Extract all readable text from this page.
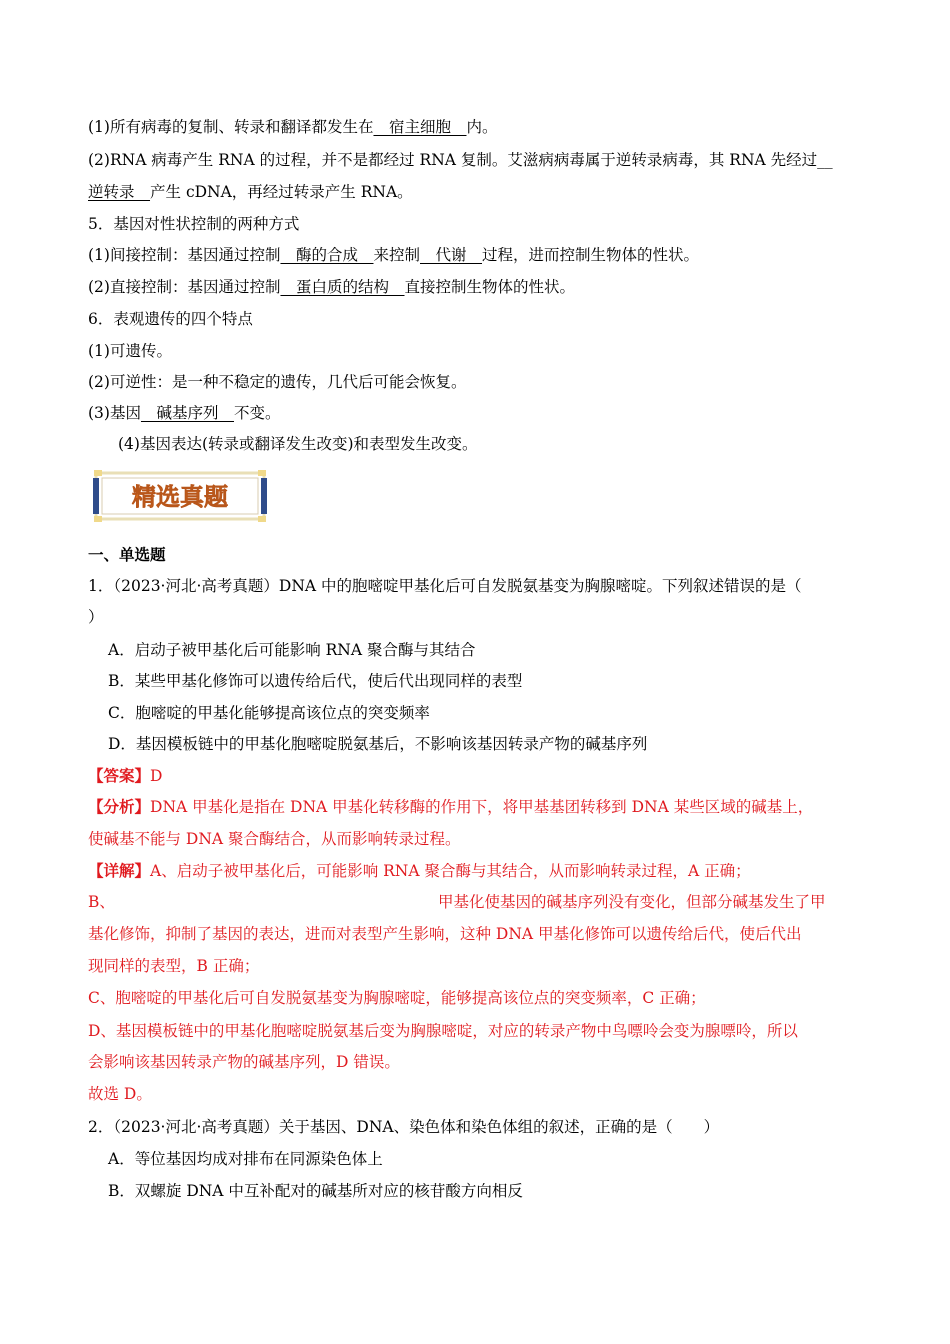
(1)所有病毒的复制、转录和翻译都发生在__宿主细胞__内。
(2)RNA 病毒产生 RNA 的过程，并不是都经过 RNA 复制。艾滋病病毒属于逆转录病毒，其 RNA 先经过__
逆转录__产生 cDNA，再经过转录产生 RNA。
5．基因对性状控制的两种方式
(1)间接控制：基因通过控制__酶的合成__来控制__代谢__过程，进而控制生物体的性状。
(2)直接控制：基因通过控制__蛋白质的结构__直接控制生物体的性状。
6．表观遗传的四个特点
(1)可遗传。
(2)可逆性：是一种不稳定的遗传，几代后可能会恢复。
(3)基因__碱基序列__不变。
(4)基因表达(转录或翻译发生改变)和表型发生改变。
精选真题
一、单选题
1．（2023·河北·高考真题）DNA 中的胞嘧啶甲基化后可自发脱氨基变为胸腺嘧啶。下列叙述错误的是（
）
A．启动子被甲基化后可能影响 RNA 聚合酶与其结合
B．某些甲基化修饰可以遗传给后代，使后代出现同样的表型
C．胞嘧啶的甲基化能够提高该位点的突变频率
D．基因模板链中的甲基化胞嘧啶脱氨基后，不影响该基因转录产物的碱基序列
【答案】D
【分析】DNA 甲基化是指在 DNA 甲基化转移酶的作用下，将甲基基团转移到 DNA 某些区域的碱基上，
使碱基不能与 DNA 聚合酶结合，从而影响转录过程。
【详解】A、启动子被甲基化后，可能影响 RNA 聚合酶与其结合，从而影响转录过程，A 正确；
B、	甲基化使基因的碱基序列没有变化，但部分碱基发生了甲
基化修饰，抑制了基因的表达，进而对表型产生影响，这种 DNA 甲基化修饰可以遗传给后代，使后代出
现同样的表型，B 正确；
C、胞嘧啶的甲基化后可自发脱氨基变为胸腺嘧啶，能够提高该位点的突变频率，C 正确；
D、基因模板链中的甲基化胞嘧啶脱氨基后变为胸腺嘧啶，对应的转录产物中鸟嘌呤会变为腺嘌呤，所以
会影响该基因转录产物的碱基序列，D 错误。
故选 D。
2．（2023·河北·高考真题）关于基因、DNA、染色体和染色体组的叙述，正确的是（　　）
A．等位基因均成对排布在同源染色体上
B．双螺旋 DNA 中互补配对的碱基所对应的核苷酸方向相反
